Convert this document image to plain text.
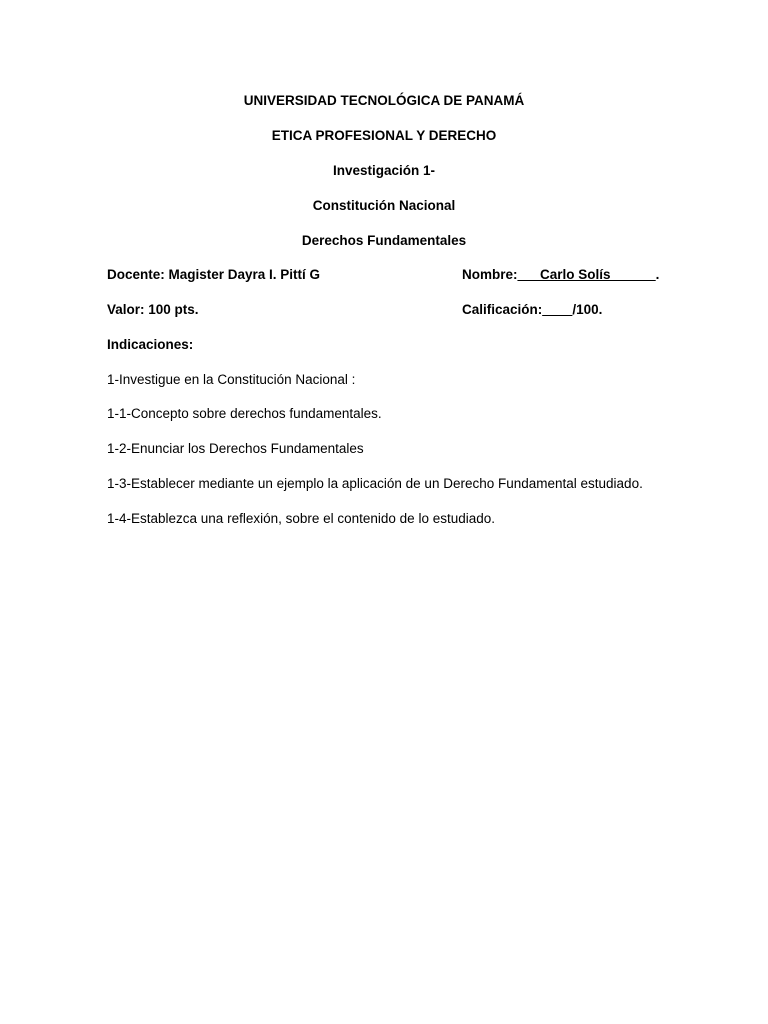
UNIVERSIDAD TECNOLÓGICA DE PANAMÁ
ETICA PROFESIONAL Y DERECHO
Investigación 1-
Constitución Nacional
Derechos Fundamentales
Docente: Magister Dayra I. Pittí G	Nombre:___Carlo Solís______.
Valor: 100 pts.	Calificación:____/100.
Indicaciones:
1-Investigue en la Constitución Nacional :
1-1-Concepto sobre derechos fundamentales.
1-2-Enunciar los Derechos Fundamentales
1-3-Establecer mediante un ejemplo la aplicación de un Derecho Fundamental estudiado.
1-4-Establezca una reflexión, sobre el contenido de lo estudiado.
